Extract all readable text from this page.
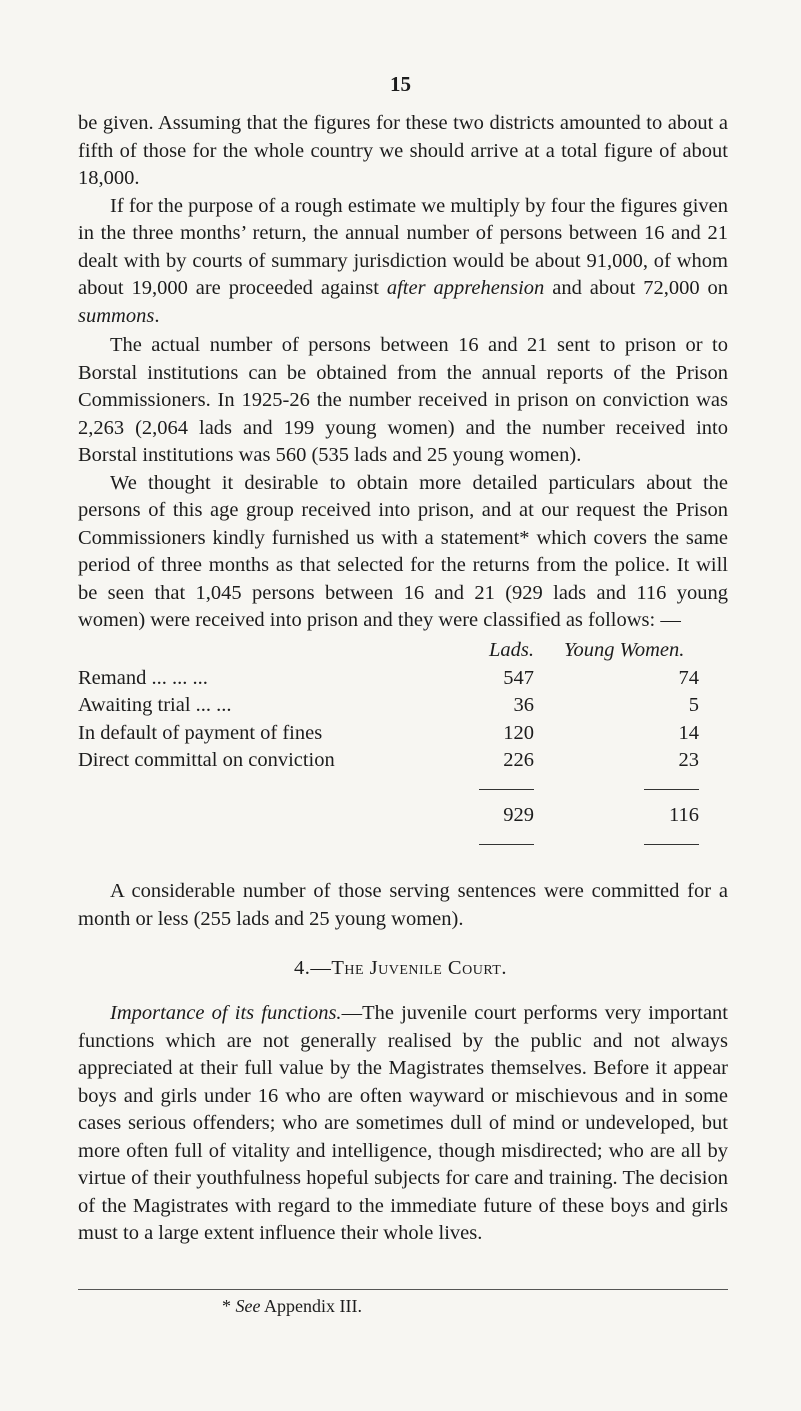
15

be given. Assuming that the figures for these two districts amounted to about a fifth of those for the whole country we should arrive at a total figure of about 18,000.

If for the purpose of a rough estimate we multiply by four the figures given in the three months’ return, the annual number of persons between 16 and 21 dealt with by courts of summary jurisdiction would be about 91,000, of whom about 19,000 are proceeded against after apprehension and about 72,000 on summons.

The actual number of persons between 16 and 21 sent to prison or to Borstal institutions can be obtained from the annual reports of the Prison Commissioners. In 1925-26 the number received in prison on conviction was 2,263 (2,064 lads and 199 young women) and the number received into Borstal institutions was 560 (535 lads and 25 young women).

We thought it desirable to obtain more detailed particulars about the persons of this age group received into prison, and at our request the Prison Commissioners kindly furnished us with a statement* which covers the same period of three months as that selected for the returns from the police. It will be seen that 1,045 persons between 16 and 21 (929 lads and 116 young women) were received into prison and they were classified as follows: —

	Lads.	Young Women.	
Remand ... ... ...	547		74
Awaiting trial ... ...	36		5
In default of payment of fines	120		14
Direct committal on conviction	226		23

	929		116

A considerable number of those serving sentences were committed for a month or less (255 lads and 25 young women).

4.—The Juvenile Court.

Importance of its functions.—The juvenile court performs very important functions which are not generally realised by the public and not always appreciated at their full value by the Magistrates themselves. Before it appear boys and girls under 16 who are often wayward or mischievous and in some cases serious offenders; who are sometimes dull of mind or undeveloped, but more often full of vitality and intelligence, though misdirected; who are all by virtue of their youthfulness hopeful subjects for care and training. The decision of the Magistrates with regard to the immediate future of these boys and girls must to a large extent influence their whole lives.

* See Appendix III.
